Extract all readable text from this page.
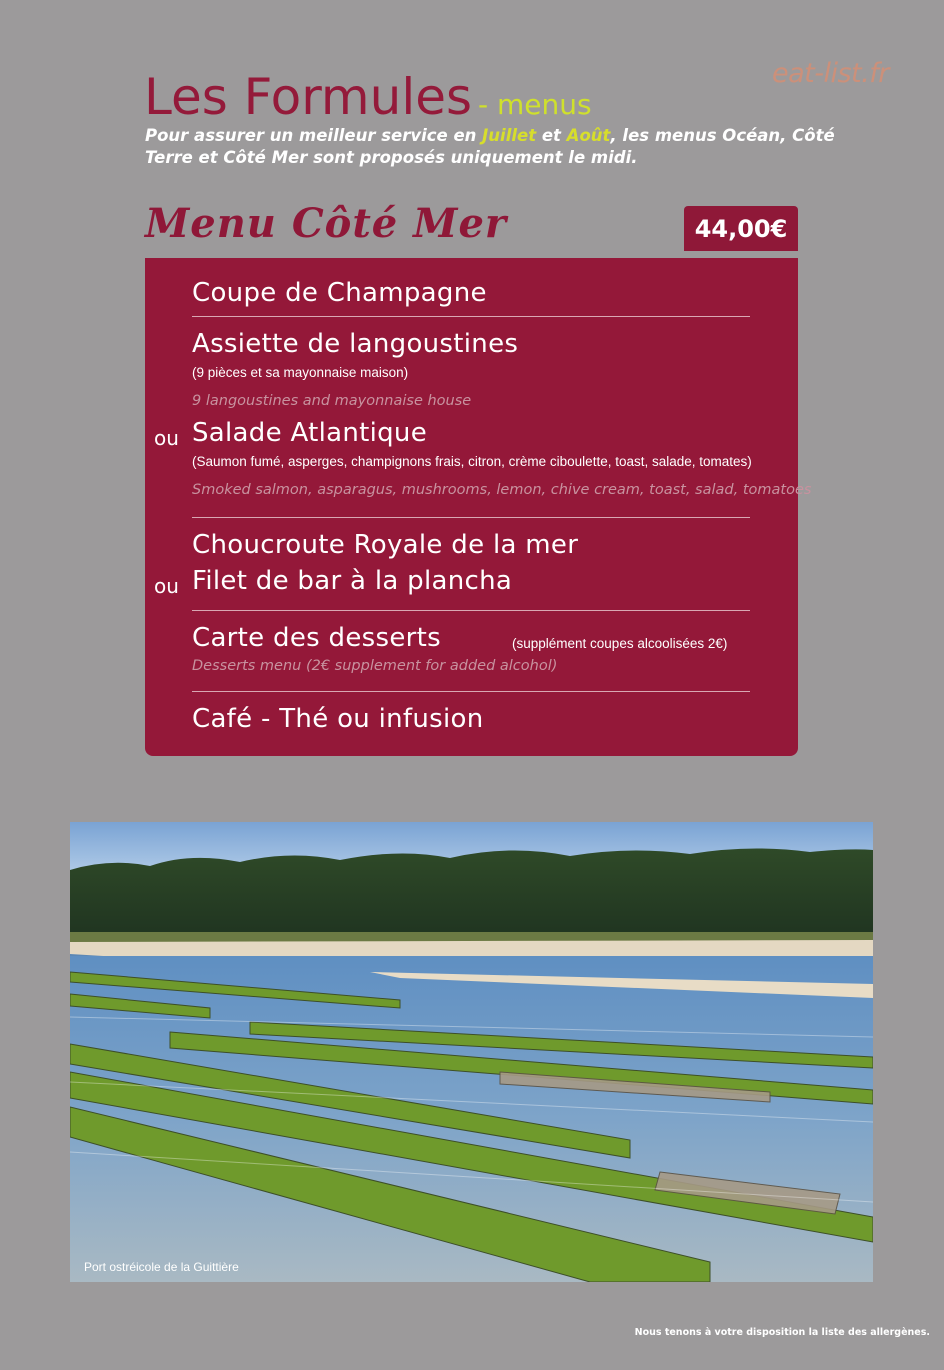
eat-list.fr
Les Formules - menus
Pour assurer un meilleur service en Juillet et Août, les menus Océan, Côté Terre et Côté Mer sont proposés uniquement le midi.
Menu Côté Mer	44,00€
Coupe de Champagne
Assiette de langoustines
(9 pièces et sa mayonnaise maison)
9 langoustines and mayonnaise house
ou Salade Atlantique
(Saumon fumé, asperges, champignons frais, citron, crème ciboulette, toast, salade, tomates)
Smoked salmon, asparagus, mushrooms, lemon, chive cream, toast, salad, tomatoes
Choucroute Royale de la mer
ou Filet de bar à la plancha
Carte des desserts	(supplément coupes alcoolisées 2€)
Desserts menu (2€ supplement for added alcohol)
Café - Thé ou infusion
Port ostréicole de la Guittière
Nous tenons à votre disposition la liste des allergènes.
